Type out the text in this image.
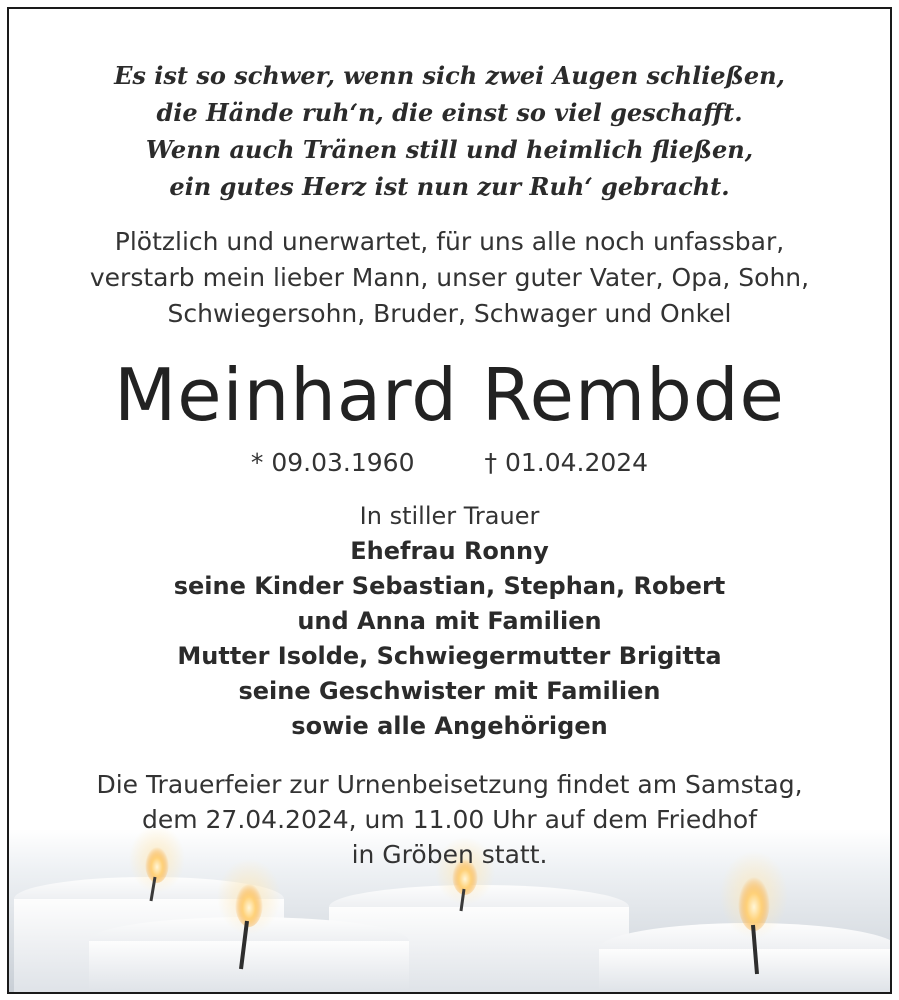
Es ist so schwer, wenn sich zwei Augen schließen,
die Hände ruh‘n, die einst so viel geschafft.
Wenn auch Tränen still und heimlich fließen,
ein gutes Herz ist nun zur Ruh‘ gebracht.
Plötzlich und unerwartet, für uns alle noch unfassbar,
verstarb mein lieber Mann, unser guter Vater, Opa, Sohn,
Schwiegersohn, Bruder, Schwager und Onkel
Meinhard Rembde
* 09.03.1960	† 01.04.2024
In stiller Trauer
Ehefrau Ronny
seine Kinder Sebastian, Stephan, Robert
und Anna mit Familien
Mutter Isolde, Schwiegermutter Brigitta
seine Geschwister mit Familien
sowie alle Angehörigen
Die Trauerfeier zur Urnenbeisetzung findet am Samstag,
dem 27.04.2024, um 11.00 Uhr auf dem Friedhof
in Gröben statt.
